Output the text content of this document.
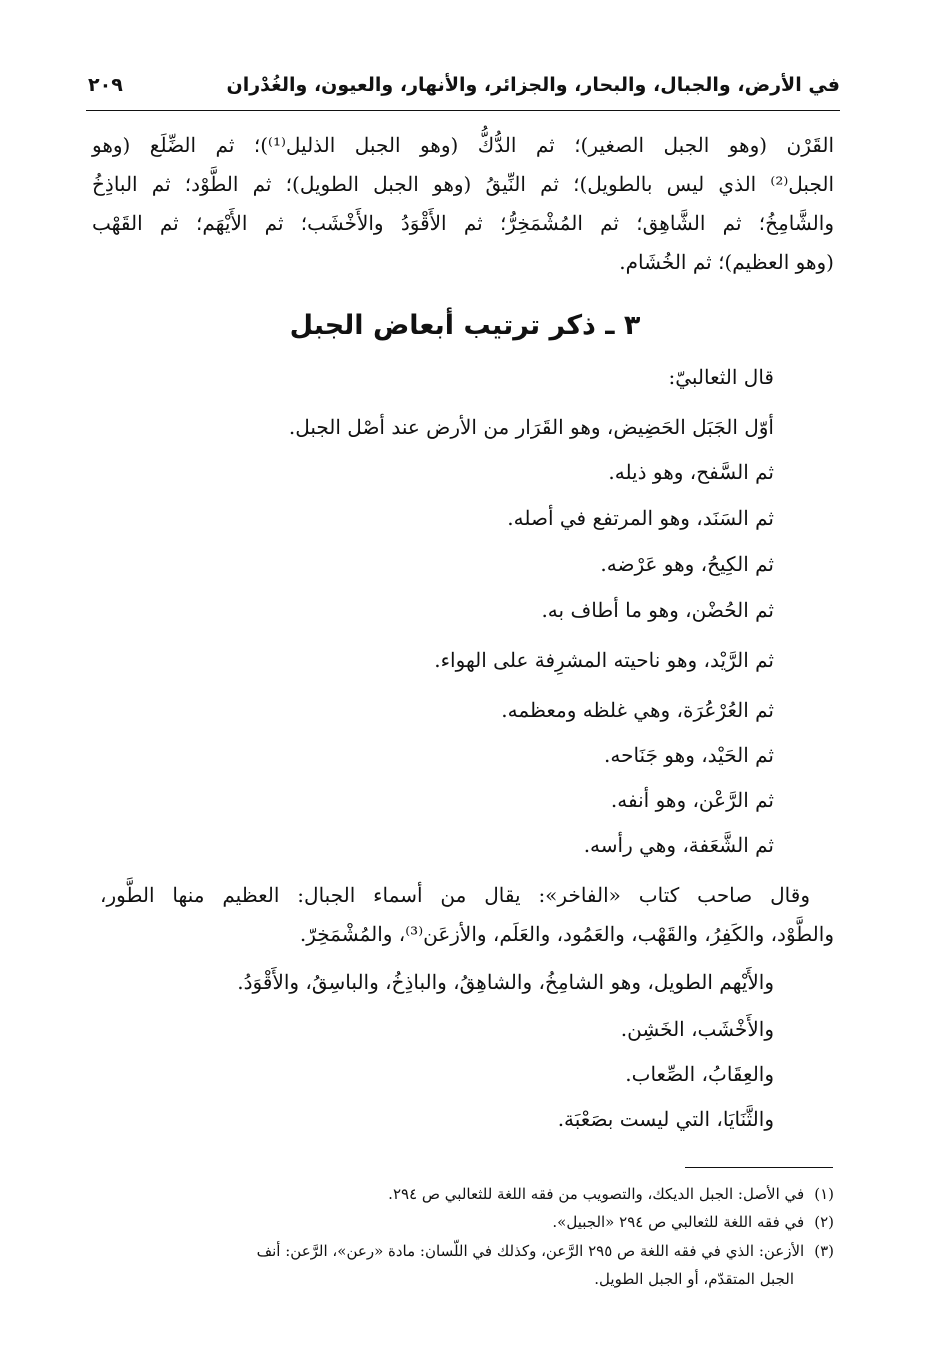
في الأرض، والجبال، والبحار، والجزائر، والأنهار، والعيون، والغُدْران
٢٠٩
القَرْن (وهو الجبل الصغير)؛ ثم الدُّكُّ (وهو الجبل الذليل⁽¹⁾)؛ ثم الضِّلَع (وهو
الجبل⁽²⁾ الذي ليس بالطويل)؛ ثم النِّيقُ (وهو الجبل الطويل)؛ ثم الطَّوْد؛ ثم الباذِخُ
والشَّامِخُ؛ ثم الشَّاهِق؛ ثم المُشْمَخِرُّ؛ ثم الأَقْوَدُ والأَخْشَب؛ ثم الأَيْهَم؛ ثم القَهْب
(وهو العظيم)؛ ثم الخُشَام.
٣ ـ ذكر ترتيب أبعاض الجبل
قال الثعالبيّ:
أوّل الجَبَل الحَضِيض، وهو القَرَار من الأرض عند أصْل الجبل.
ثم السَّفح، وهو ذيله.
ثم السَنَد، وهو المرتفع في أصله.
ثم الكِيحُ، وهو عَرْضه.
ثم الحُضْن، وهو ما أطاف به.
ثم الرَّيْد، وهو ناحيته المشرِفة على الهواء.
ثم العُرْعُرَة، وهي غلظه ومعظمه.
ثم الحَيْد، وهو جَنَاحه.
ثم الرَّعْن، وهو أنفه.
ثم الشَّعَفة، وهي رأسه.
وقال صاحب كتاب «الفاخر»: يقال من أسماء الجبال: العظيم منها الطَّور،
والطَّوْد، والكَفِرُ، والقَهْب، والعَمُود، والعَلَم، والأزعَن⁽³⁾، والمُشْمَخِرّ.
والأَيْهم الطويل، وهو الشامِخُ، والشاهِقُ، والباذِخُ، والباسِقُ، والأَقْوَدُ.
والأَخْشَب، الخَشِن.
والعِقَابُ، الصِّعاب.
والثَّنَايَا، التي ليست بصَعْبَة.
(١)في الأصل: الجبل الديكك، والتصويب من فقه اللغة للثعالبي ص ٢٩٤.
(٢)في فقه اللغة للثعالبي ص ٢٩٤ «الجبيل».
(٣)الأزعن: الذي في فقه اللغة ص ٢٩٥ الرَّعن، وكذلك في اللّسان: مادة «رعن»، الرَّعن: أنف
الجبل المتقدّم، أو الجبل الطويل.
